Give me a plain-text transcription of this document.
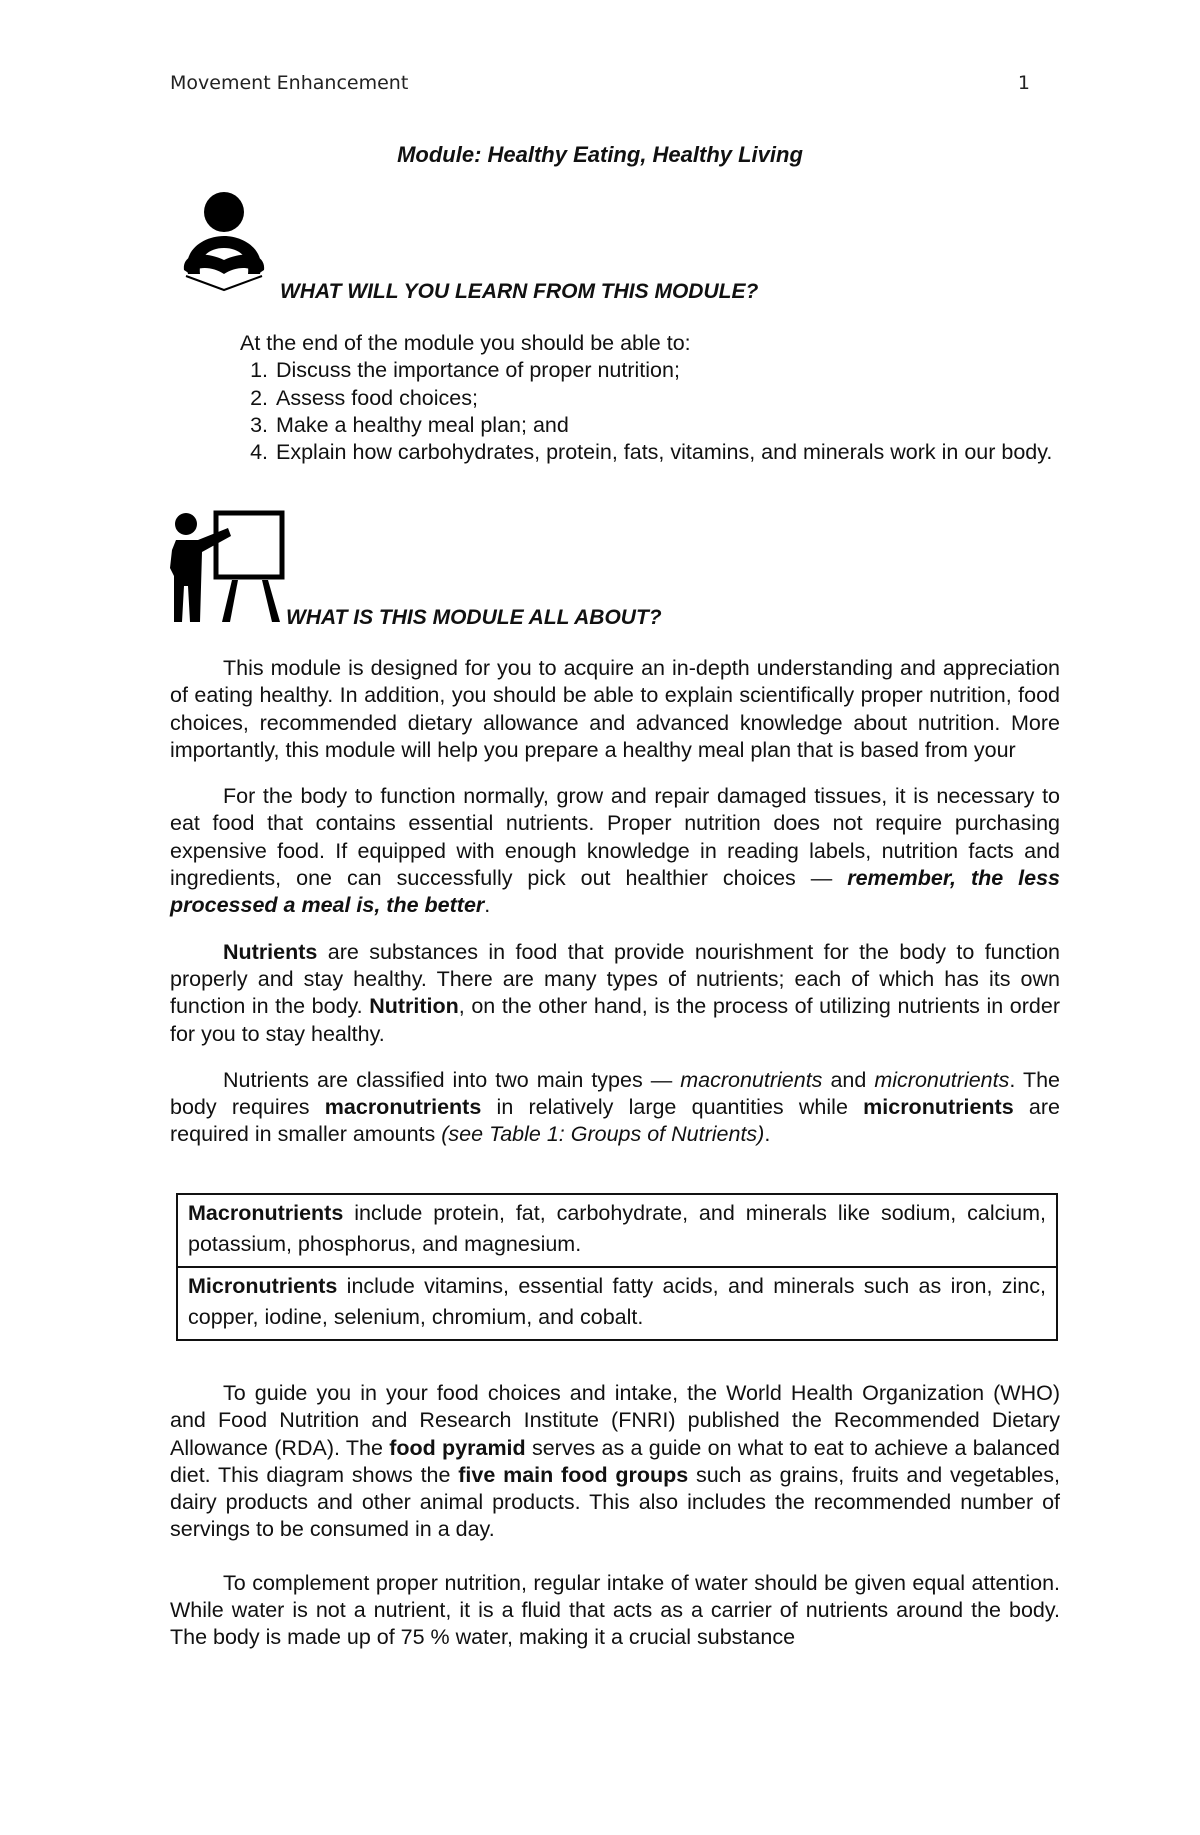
Movement Enhancement	1
Module: Healthy Eating, Healthy Living
WHAT WILL YOU LEARN FROM THIS MODULE?
At the end of the module you should be able to:
1. Discuss the importance of proper nutrition;
2. Assess food choices;
3. Make a healthy meal plan; and
4. Explain how carbohydrates, protein, fats, vitamins, and minerals work in our body.
WHAT IS THIS MODULE ALL ABOUT?

This module is designed for you to acquire an in-depth understanding and appreciation of eating healthy. In addition, you should be able to explain scientifically proper nutrition, food choices, recommended dietary allowance and advanced knowledge about nutrition. More importantly, this module will help you prepare a healthy meal plan that is based from your

For the body to function normally, grow and repair damaged tissues, it is necessary to eat food that contains essential nutrients. Proper nutrition does not require purchasing expensive food. If equipped with enough knowledge in reading labels, nutrition facts and ingredients, one can successfully pick out healthier choices — remember, the less processed a meal is, the better.

Nutrients are substances in food that provide nourishment for the body to function properly and stay healthy. There are many types of nutrients; each of which has its own function in the body. Nutrition, on the other hand, is the process of utilizing nutrients in order for you to stay healthy.

Nutrients are classified into two main types — macronutrients and micronutrients. The body requires macronutrients in relatively large quantities while micronutrients are required in smaller amounts (see Table 1: Groups of Nutrients).

Macronutrients include protein, fat, carbohydrate, and minerals like sodium, calcium, potassium, phosphorus, and magnesium.
Micronutrients include vitamins, essential fatty acids, and minerals such as iron, zinc, copper, iodine, selenium, chromium, and cobalt.

To guide you in your food choices and intake, the World Health Organization (WHO) and Food Nutrition and Research Institute (FNRI) published the Recommended Dietary Allowance (RDA). The food pyramid serves as a guide on what to eat to achieve a balanced diet. This diagram shows the five main food groups such as grains, fruits and vegetables, dairy products and other animal products. This also includes the recommended number of servings to be consumed in a day.

To complement proper nutrition, regular intake of water should be given equal attention. While water is not a nutrient, it is a fluid that acts as a carrier of nutrients around the body. The body is made up of 75 % water, making it a crucial substance
